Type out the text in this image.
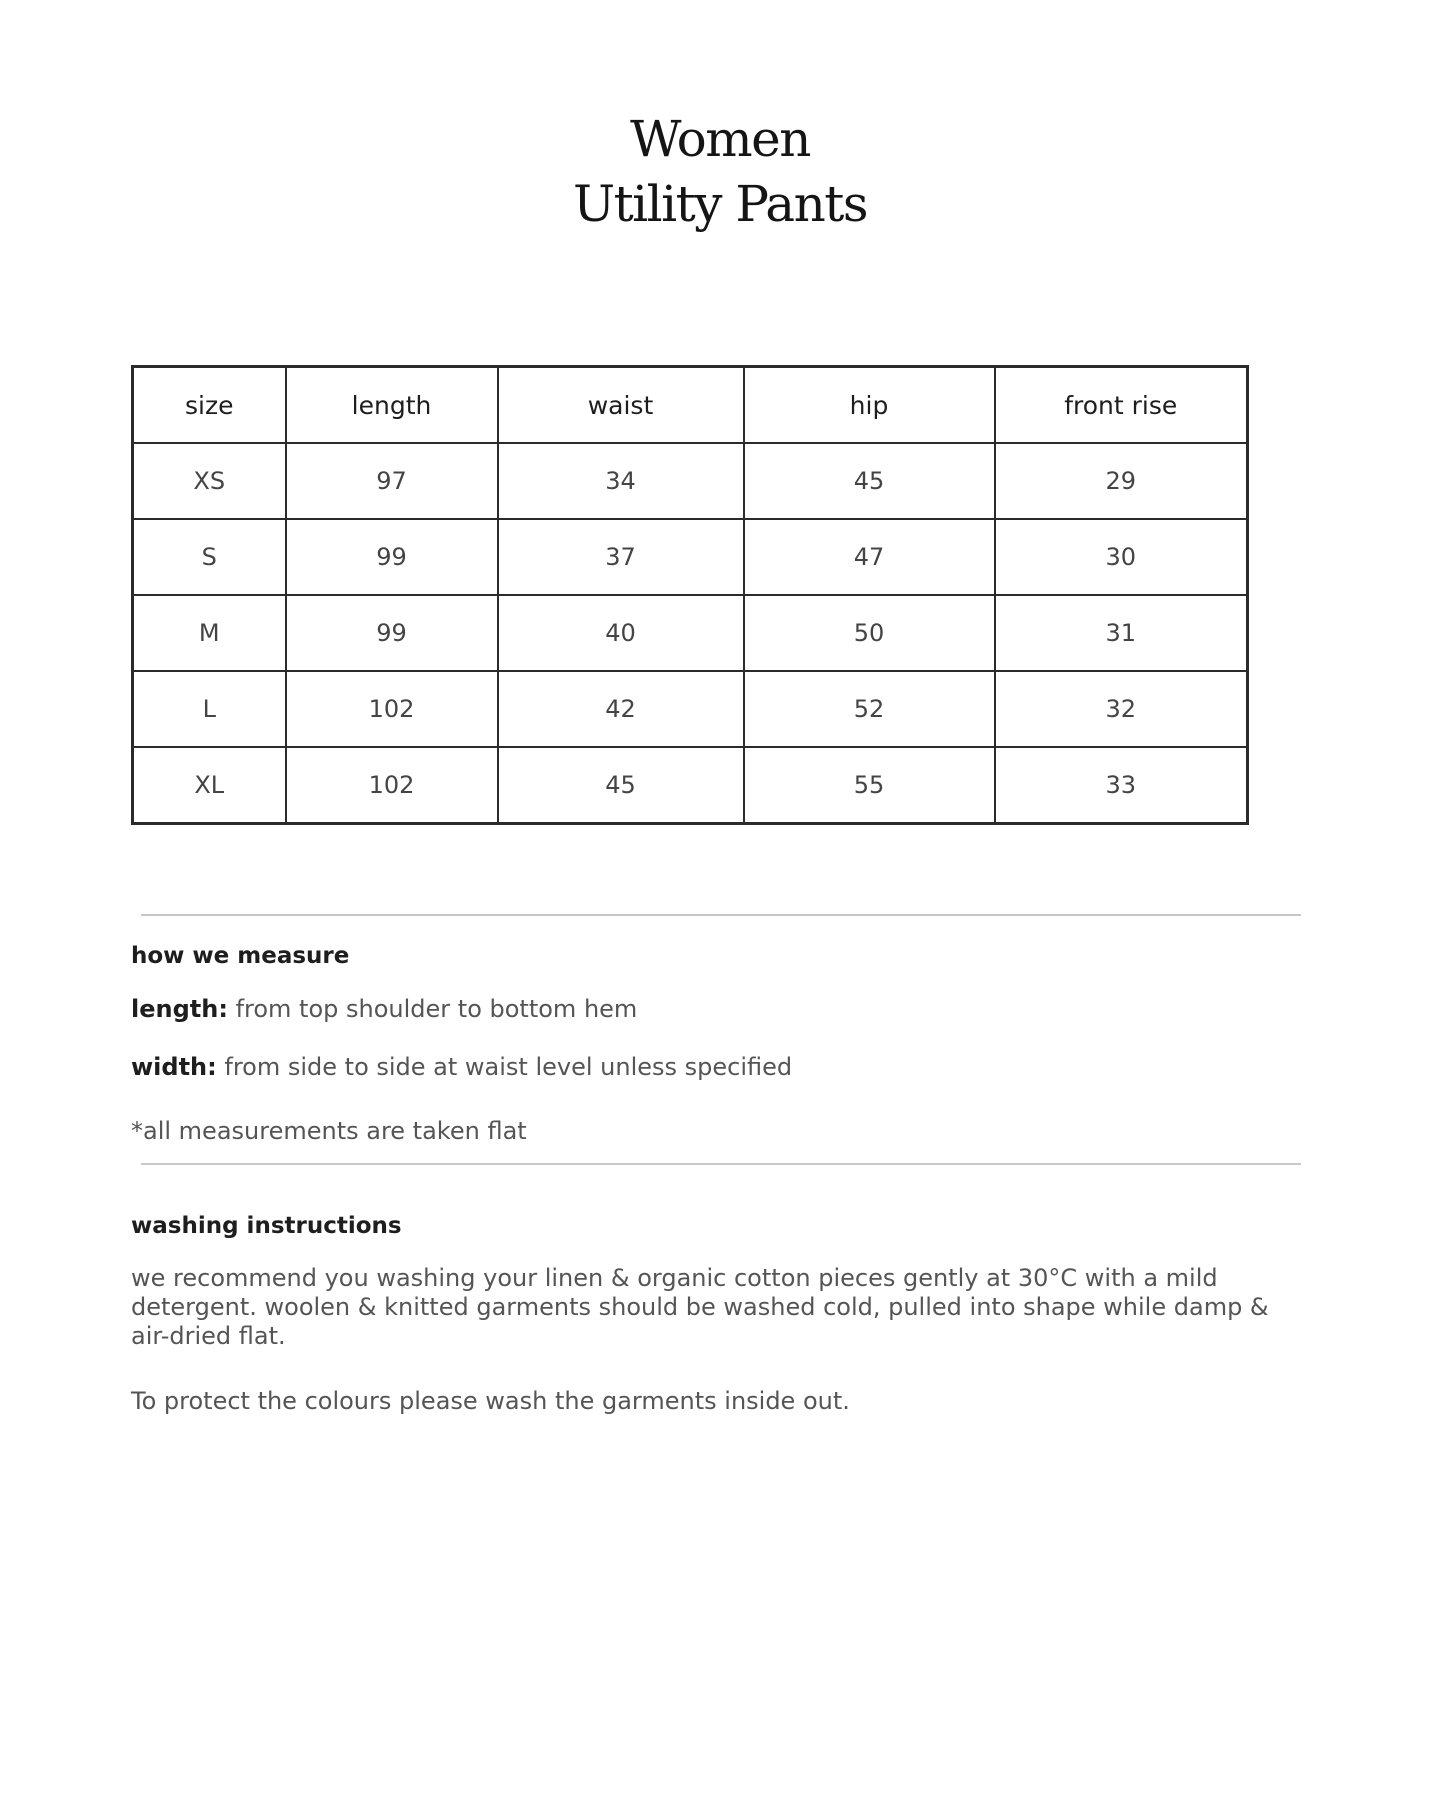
Women
Utility Pants
size	length	waist	hip	front rise
XS	97	34	45	29
S	99	37	47	30
M	99	40	50	31
L	102	42	52	32
XL	102	45	55	33
how we measure
length: from top shoulder to bottom hem
width: from side to side at waist level unless specified
*all measurements are taken flat
washing instructions

we recommend you washing your linen & organic cotton pieces gently at 30°C with a mild detergent. woolen & knitted garments should be washed cold, pulled into shape while damp & air-dried flat.

To protect the colours please wash the garments inside out.
